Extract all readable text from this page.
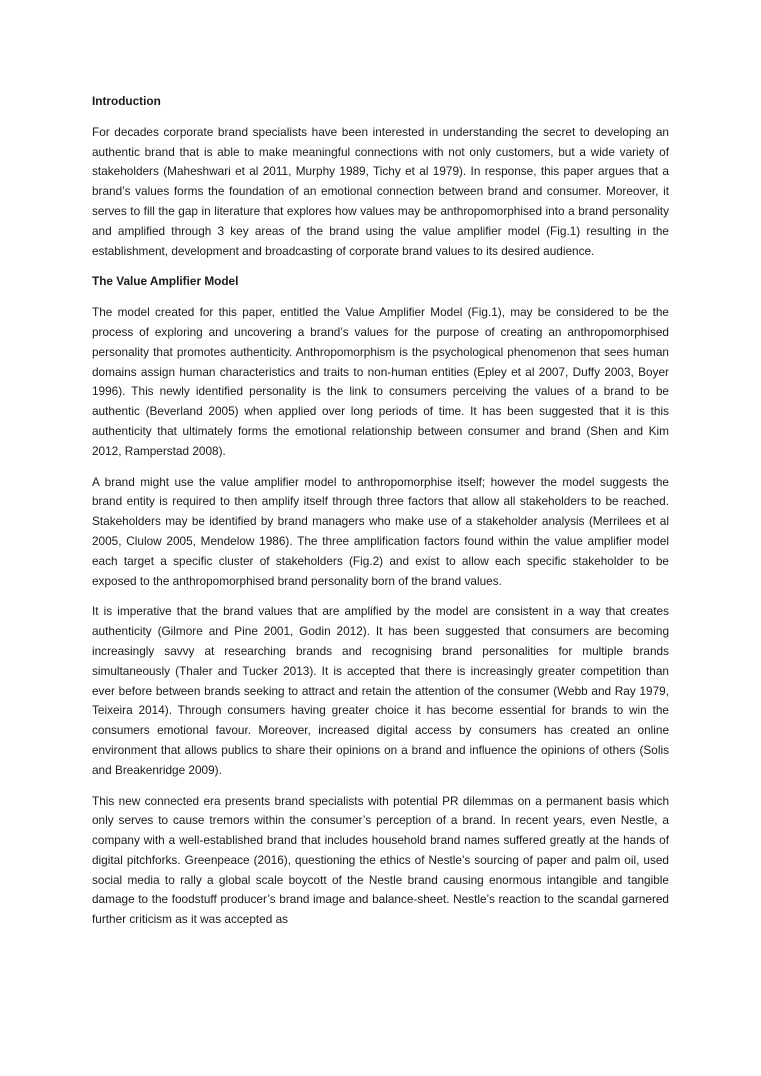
Introduction

For decades corporate brand specialists have been interested in understanding the secret to developing an authentic brand that is able to make meaningful connections with not only customers, but a wide variety of stakeholders (Maheshwari et al 2011, Murphy 1989, Tichy et al 1979). In response, this paper argues that a brand’s values forms the foundation of an emotional connection between brand and consumer. Moreover, it serves to fill the gap in literature that explores how values may be anthropomorphised into a brand personality and amplified through 3 key areas of the brand using the value amplifier model (Fig.1) resulting in the establishment, development and broadcasting of corporate brand values to its desired audience.

The Value Amplifier Model

The model created for this paper, entitled the Value Amplifier Model (Fig.1), may be considered to be the process of exploring and uncovering a brand’s values for the purpose of creating an anthropomorphised personality that promotes authenticity. Anthropomorphism is the psychological phenomenon that sees human domains assign human characteristics and traits to non-human entities (Epley et al 2007, Duffy 2003, Boyer 1996). This newly identified personality is the link to consumers perceiving the values of a brand to be authentic (Beverland 2005) when applied over long periods of time. It has been suggested that it is this authenticity that ultimately forms the emotional relationship between consumer and brand (Shen and Kim 2012, Ramperstad 2008).

A brand might use the value amplifier model to anthropomorphise itself; however the model suggests the brand entity is required to then amplify itself through three factors that allow all stakeholders to be reached. Stakeholders may be identified by brand managers who make use of a stakeholder analysis (Merrilees et al 2005, Clulow 2005, Mendelow 1986). The three amplification factors found within the value amplifier model each target a specific cluster of stakeholders (Fig.2) and exist to allow each specific stakeholder to be exposed to the anthropomorphised brand personality born of the brand values.

It is imperative that the brand values that are amplified by the model are consistent in a way that creates authenticity (Gilmore and Pine 2001, Godin 2012). It has been suggested that consumers are becoming increasingly savvy at researching brands and recognising brand personalities for multiple brands simultaneously (Thaler and Tucker 2013). It is accepted that there is increasingly greater competition than ever before between brands seeking to attract and retain the attention of the consumer (Webb and Ray 1979, Teixeira 2014). Through consumers having greater choice it has become essential for brands to win the consumers emotional favour. Moreover, increased digital access by consumers has created an online environment that allows publics to share their opinions on a brand and influence the opinions of others (Solis and Breakenridge 2009).

This new connected era presents brand specialists with potential PR dilemmas on a permanent basis which only serves to cause tremors within the consumer’s perception of a brand. In recent years, even Nestle, a company with a well-established brand that includes household brand names suffered greatly at the hands of digital pitchforks. Greenpeace (2016), questioning the ethics of Nestle’s sourcing of paper and palm oil, used social media to rally a global scale boycott of the Nestle brand causing enormous intangible and tangible damage to the foodstuff producer’s brand image and balance-sheet. Nestle’s reaction to the scandal garnered further criticism as it was accepted as
